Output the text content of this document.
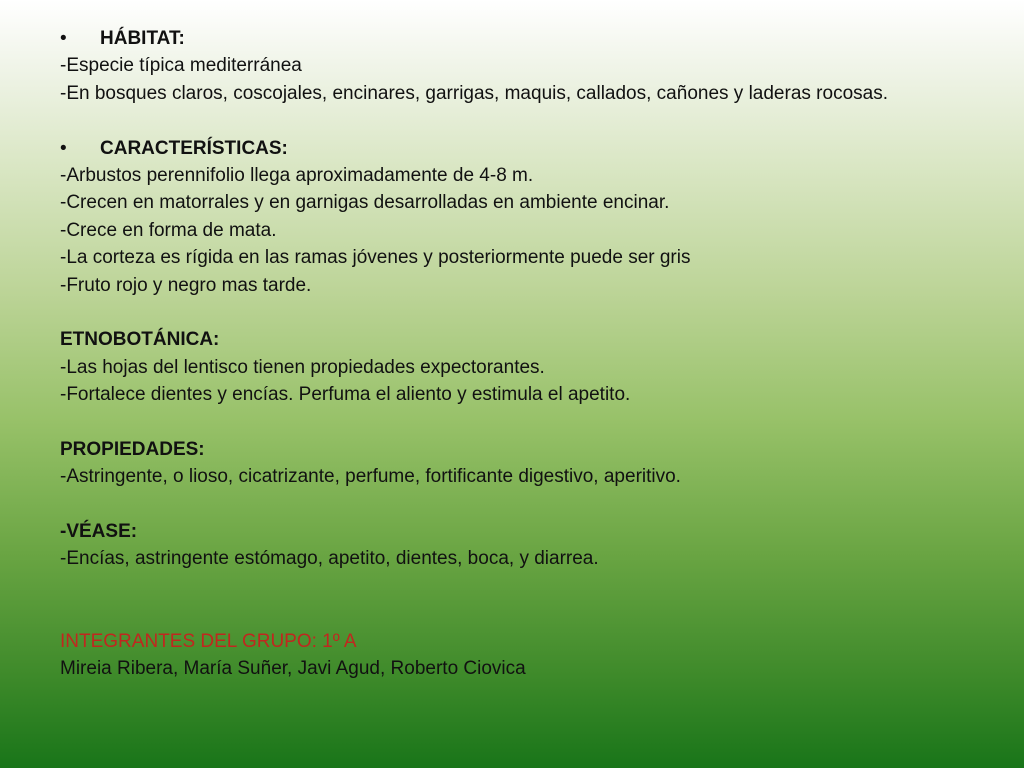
•	HÁBITAT:
-Especie típica mediterránea
-En bosques claros, coscojales, encinares, garrigas, maquis, callados, cañones y laderas rocosas.
•	CARACTERÍSTICAS:
-Arbustos perennifolio llega aproximadamente de 4-8 m.
-Crecen en matorrales y en garnigas desarrolladas en ambiente encinar.
-Crece en forma de mata.
-La corteza es rígida en las ramas jóvenes y posteriormente puede ser gris
-Fruto rojo y negro mas tarde.
ETNOBOTÁNICA:
-Las hojas del lentisco tienen propiedades expectorantes.
-Fortalece dientes y encías. Perfuma el aliento y estimula el apetito.
PROPIEDADES:
-Astringente, o lioso, cicatrizante, perfume, fortificante digestivo, aperitivo.
-VÉASE:
-Encías, astringente estómago, apetito, dientes, boca, y diarrea.
INTEGRANTES DEL GRUPO: 1º A
Mireia Ribera, María Suñer, Javi Agud, Roberto Ciovica
